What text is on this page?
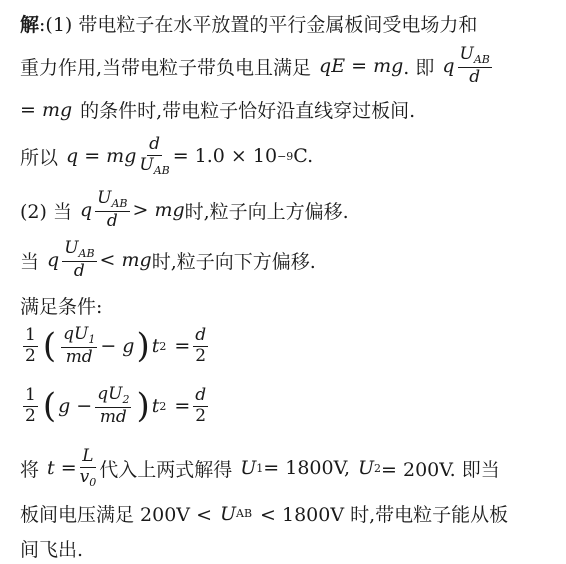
解 :(1) 带电粒子在水平放置的平行金属板间受电场力和
重力作用,当带电粒子带负电且满足 qE = mg . 即 q $\frac{U_{AB}}{d}$
= mg 的条件时,带电粒子恰好沿直线穿过板间.
所以 q = mg $\frac{d}{U_{AB}} = 1.0 \times 10 -9$ C.
(2) 当 q $\frac{U_{AB}}{d}$ > mg 时,粒子向上方偏移.
当 q $\frac{U_{AB}}{d}$ < mg 时,粒子向下方偏移.
满足条件:
$\frac{1}{2}$ ( $\frac{qU_1}{md} - g$ ) t $2 = \frac{d}{2}$
$\frac{1}{2}$ ( $g - \frac{qU_2}{md}$ ) t $2 = \frac{d}{2}$
将 $t = \frac{L}{v_0}$ 代入上两式解得 U 1 = 1800V, U 2 = 200V. 即当
板间电压满足 200V < U AB < 1800V 时,带电粒子能从板
间飞出.
